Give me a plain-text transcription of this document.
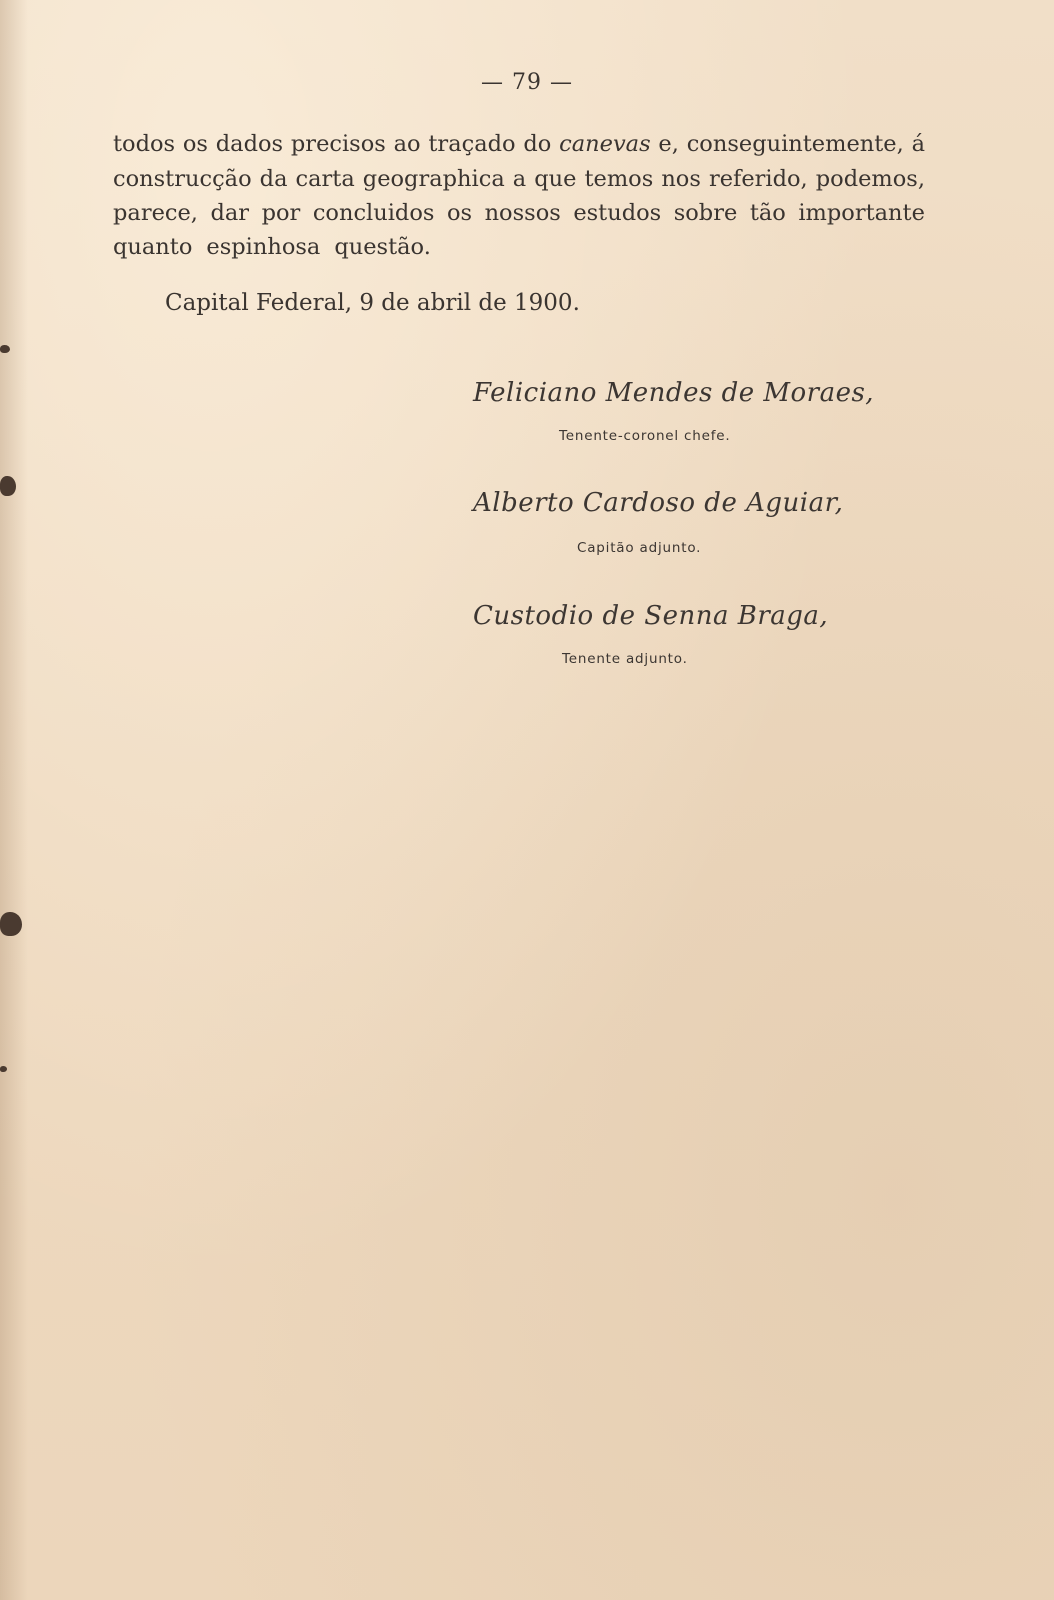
— 79 —
todos os dados precisos ao traçado do canevas e, conseguintemente, á
construcção da carta geographica a que temos nos referido, podemos,
parece, dar por concluidos os nossos estudos sobre tão importante
quanto espinhosa questão.
Capital Federal, 9 de abril de 1900.
Feliciano Mendes de Moraes,
Tenente-coronel chefe.
Alberto Cardoso de Aguiar,
Capitão adjunto.
Custodio de Senna Braga,
Tenente adjunto.
